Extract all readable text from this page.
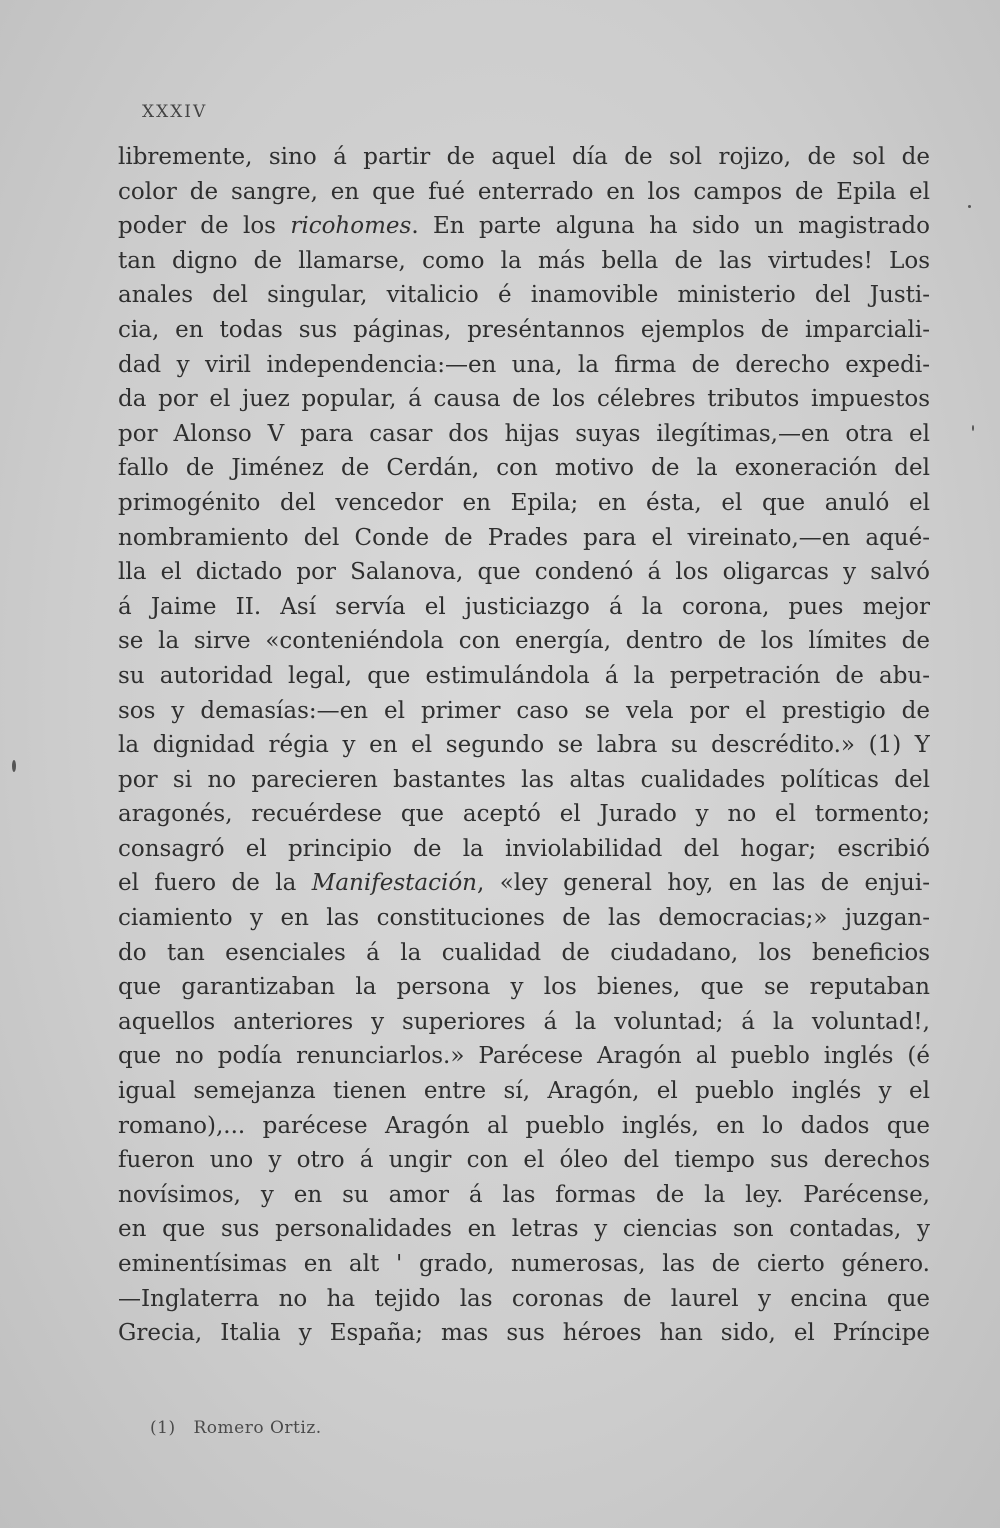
XXXIV
libremente, sino á partir de aquel día de sol rojizo, de sol de
color de sangre, en que fué enterrado en los campos de Epila el
poder de los ricohomes. En parte alguna ha sido un magistrado
tan digno de llamarse, como la más bella de las virtudes! Los
anales del singular, vitalicio é inamovible ministerio del Justi-
cia, en todas sus páginas, preséntannos ejemplos de imparciali-
dad y viril independencia:—en una, la firma de derecho expedi-
da por el juez popular, á causa de los célebres tributos impuestos
por Alonso V para casar dos hijas suyas ilegítimas,—en otra el
fallo de Jiménez de Cerdán, con motivo de la exoneración del
primogénito del vencedor en Epila; en ésta, el que anuló el
nombramiento del Conde de Prades para el vireinato,—en aqué-
lla el dictado por Salanova, que condenó á los oligarcas y salvó
á Jaime II. Así servía el justiciazgo á la corona, pues mejor
se la sirve «conteniéndola con energía, dentro de los límites de
su autoridad legal, que estimulándola á la perpetración de abu-
sos y demasías:—en el primer caso se vela por el prestigio de
la dignidad régia y en el segundo se labra su descrédito.» (1) Y
por si no parecieren bastantes las altas cualidades políticas del
aragonés, recuérdese que aceptó el Jurado y no el tormento;
consagró el principio de la inviolabilidad del hogar; escribió
el fuero de la Manifestación, «ley general hoy, en las de enjui-
ciamiento y en las constituciones de las democracias;» juzgan-
do tan esenciales á la cualidad de ciudadano, los beneficios
que garantizaban la persona y los bienes, que se reputaban
aquellos anteriores y superiores á la voluntad; á la voluntad!,
que no podía renunciarlos.» Parécese Aragón al pueblo inglés (é
igual semejanza tienen entre sí, Aragón, el pueblo inglés y el
romano),... parécese Aragón al pueblo inglés, en lo dados que
fueron uno y otro á ungir con el óleo del tiempo sus derechos
novísimos, y en su amor á las formas de la ley. Parécense,
en que sus personalidades en letras y ciencias son contadas, y
eminentísimas en alt ' grado, numerosas, las de cierto género.
—Inglaterra no ha tejido las coronas de laurel y encina que
Grecia, Italia y España; mas sus héroes han sido, el Príncipe
(1) Romero Ortiz.
